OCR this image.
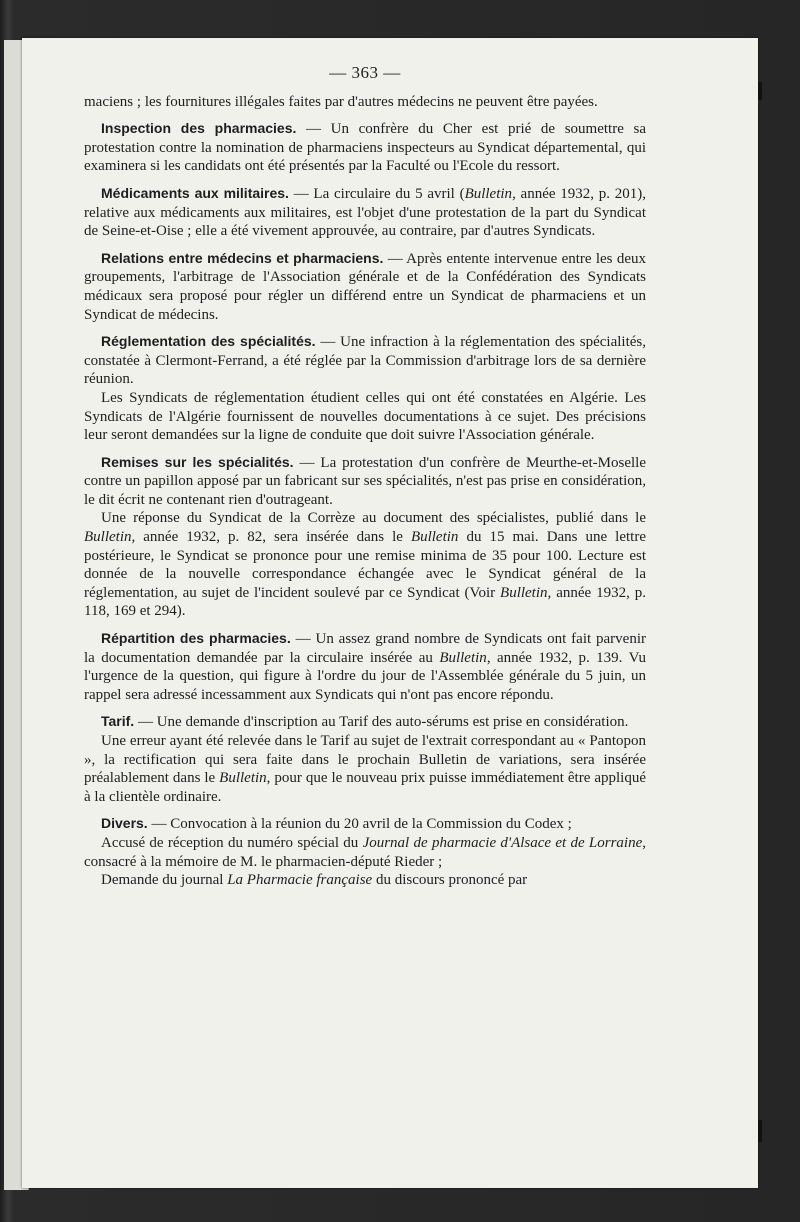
— 363 —

maciens ; les fournitures illégales faites par d'autres médecins ne peuvent être payées.

Inspection des pharmacies. — Un confrère du Cher est prié de soumettre sa protestation contre la nomination de pharmaciens inspecteurs au Syndicat départemental, qui examinera si les candidats ont été présentés par la Faculté ou l'Ecole du ressort.

Médicaments aux militaires. — La circulaire du 5 avril (Bulletin, année 1932, p. 201), relative aux médicaments aux militaires, est l'objet d'une protestation de la part du Syndicat de Seine-et-Oise ; elle a été vivement approuvée, au contraire, par d'autres Syndicats.

Relations entre médecins et pharmaciens. — Après entente intervenue entre les deux groupements, l'arbitrage de l'Association générale et de la Confédération des Syndicats médicaux sera proposé pour régler un différend entre un Syndicat de pharmaciens et un Syndicat de médecins.

Réglementation des spécialités. — Une infraction à la réglementation des spécialités, constatée à Clermont-Ferrand, a été réglée par la Commission d'arbitrage lors de sa dernière réunion.

Les Syndicats de réglementation étudient celles qui ont été constatées en Algérie. Les Syndicats de l'Algérie fournissent de nouvelles documentations à ce sujet. Des précisions leur seront demandées sur la ligne de conduite que doit suivre l'Association générale.

Remises sur les spécialités. — La protestation d'un confrère de Meurthe-et-Moselle contre un papillon apposé par un fabricant sur ses spécialités, n'est pas prise en considération, le dit écrit ne contenant rien d'outrageant.

Une réponse du Syndicat de la Corrèze au document des spécialistes, publié dans le Bulletin, année 1932, p. 82, sera insérée dans le Bulletin du 15 mai. Dans une lettre postérieure, le Syndicat se prononce pour une remise minima de 35 pour 100. Lecture est donnée de la nouvelle correspondance échangée avec le Syndicat général de la réglementation, au sujet de l'incident soulevé par ce Syndicat (Voir Bulletin, année 1932, p. 118, 169 et 294).

Répartition des pharmacies. — Un assez grand nombre de Syndicats ont fait parvenir la documentation demandée par la circulaire insérée au Bulletin, année 1932, p. 139. Vu l'urgence de la question, qui figure à l'ordre du jour de l'Assemblée générale du 5 juin, un rappel sera adressé incessamment aux Syndicats qui n'ont pas encore répondu.

Tarif. — Une demande d'inscription au Tarif des auto-sérums est prise en considération.

Une erreur ayant été relevée dans le Tarif au sujet de l'extrait correspondant au « Pantopon », la rectification qui sera faite dans le prochain Bulletin de variations, sera insérée préalablement dans le Bulletin, pour que le nouveau prix puisse immédiatement être appliqué à la clientèle ordinaire.

Divers. — Convocation à la réunion du 20 avril de la Commission du Codex ;

Accusé de réception du numéro spécial du Journal de pharmacie d'Alsace et de Lorraine, consacré à la mémoire de M. le pharmacien-député Rieder ;

Demande du journal La Pharmacie française du discours prononcé par
